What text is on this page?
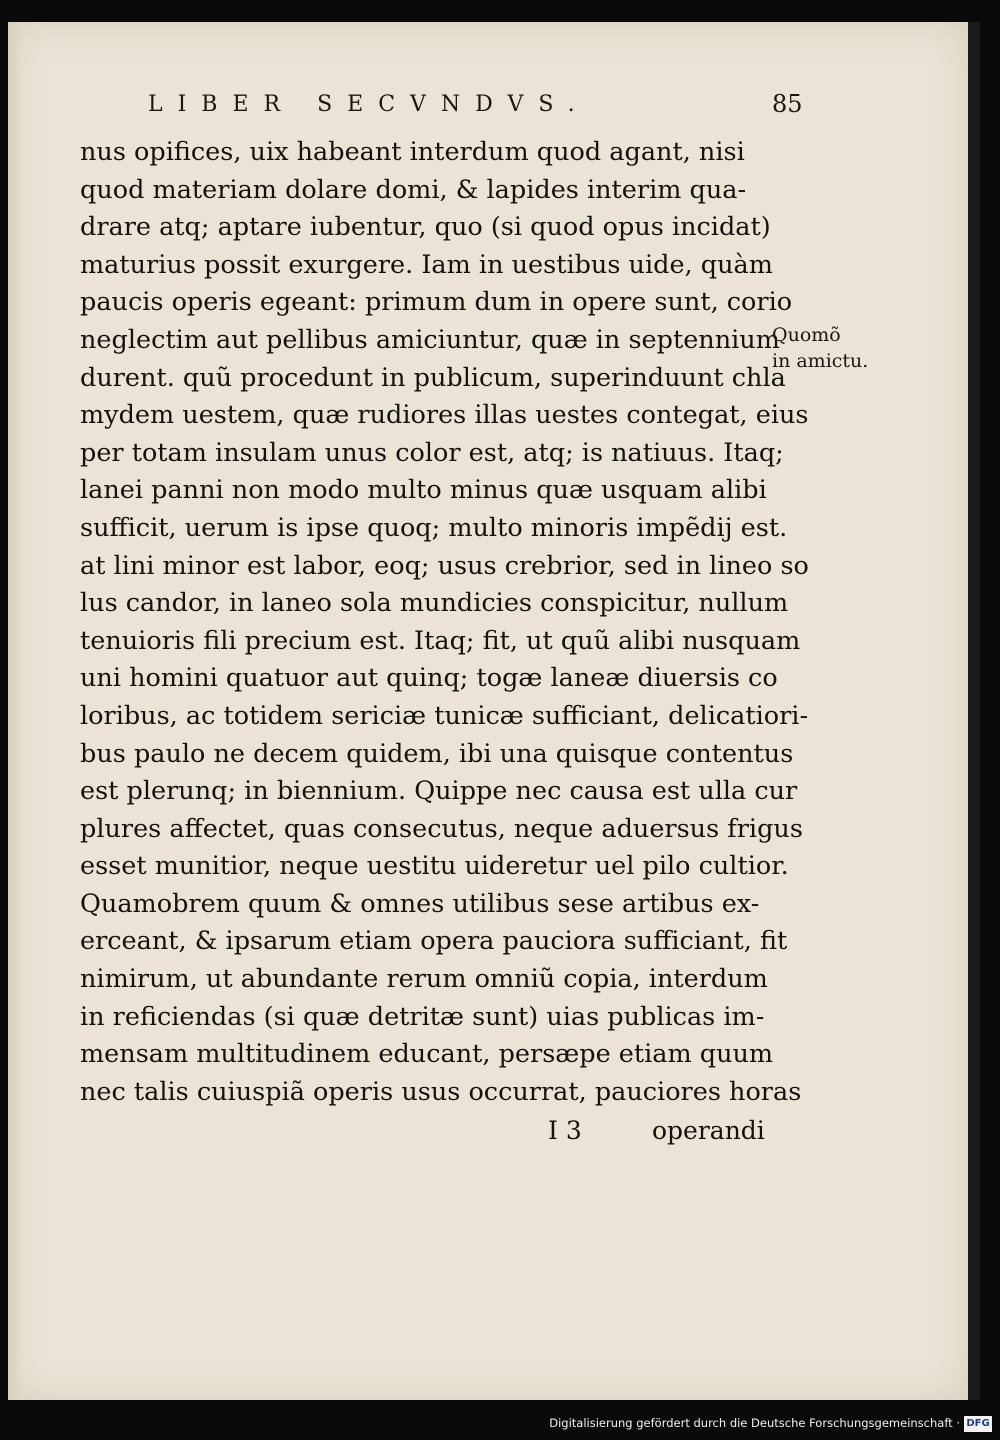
LIBER SECVNDVS.	85
nus opifices, uix habeant interdum quod agant, nisi
quod materiam dolare domi, & lapides interim qua-
drare atq; aptare iubentur, quo (si quod opus incidat)
maturius possit exurgere. Iam in uestibus uide, quàm
paucis operis egeant: primum dum in opere sunt, corio
neglectim aut pellibus amiciuntur, quæ in septennium
durent. quũ procedunt in publicum, superinduunt chla
mydem uestem, quæ rudiores illas uestes contegat, eius
per totam insulam unus color est, atq; is natiuus. Itaq;
lanei panni non modo multo minus quæ usquam alibi
sufficit, uerum is ipse quoq; multo minoris impẽdij est.
at lini minor est labor, eoq; usus crebrior, sed in lineo so
lus candor, in laneo sola mundicies conspicitur, nullum
tenuioris fili precium est. Itaq; fit, ut quũ alibi nusquam
uni homini quatuor aut quinq; togæ laneæ diuersis co
loribus, ac totidem sericiæ tunicæ sufficiant, delicatiori-
bus paulo ne decem quidem, ibi una quisque contentus
est plerunq; in biennium. Quippe nec causa est ulla cur
plures affectet, quas consecutus, neque aduersus frigus
esset munitior, neque uestitu uideretur uel pilo cultior.
Quamobrem quum & omnes utilibus sese artibus ex-
erceant, & ipsarum etiam opera pauciora sufficiant, fit
nimirum, ut abundante rerum omniũ copia, interdum
in reficiendas (si quæ detritæ sunt) uias publicas im-
mensam multitudinem educant, persæpe etiam quum
nec talis cuiuspiã operis usus occurrat, pauciores horas
Quomõ
in amictu.
I 3	operandi
Digitalisierung gefördert durch die Deutsche Forschungsgemeinschaft · DFG
